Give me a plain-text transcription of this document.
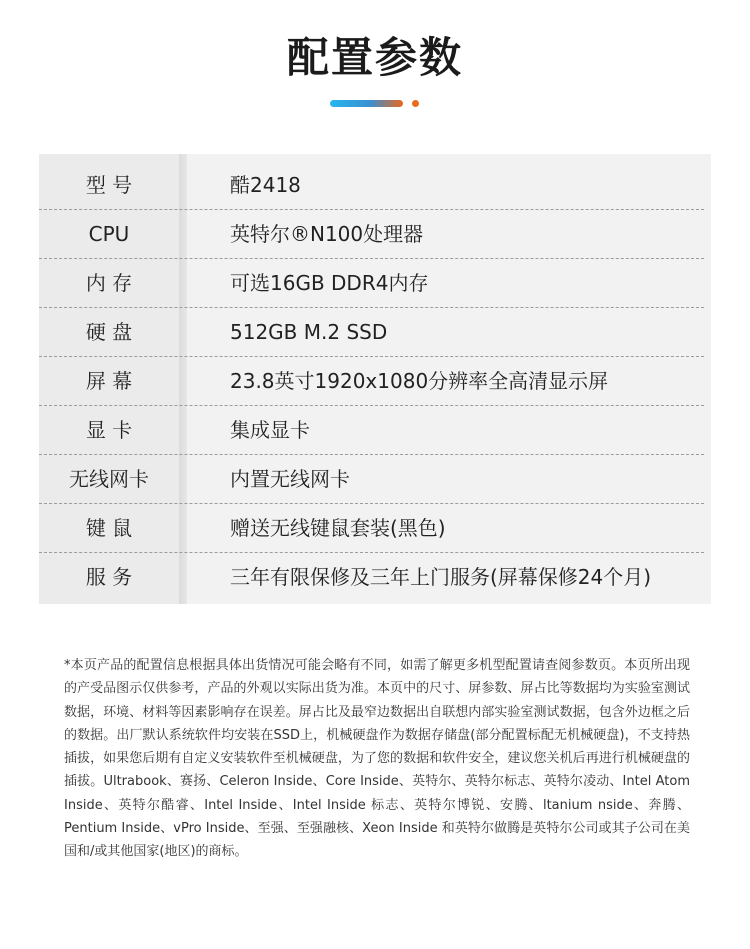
配置参数
型 号	酷2418
CPU	英特尔®N100处理器
内 存	可选16GB DDR4内存
硬 盘	512GB M.2 SSD
屏 幕	23.8英寸1920x1080分辨率全高清显示屏
显 卡	集成显卡
无线网卡	内置无线网卡
键 鼠	赠送无线键鼠套装(黑色)
服 务	三年有限保修及三年上门服务(屏幕保修24个月)

*本页产品的配置信息根据具体出货情况可能会略有不同，如需了解更多机型配置请查阅参数页。本页所出现的产受品图示仅供参考，产品的外观以实际出货为准。本页中的尺寸、屏参数、屏占比等数据均为实验室测试数据，环境、材料等因素影响存在误差。屏占比及最窄边数据出自联想内部实验室测试数据，包含外边框之后的数据。出厂默认系统软件均安装在SSD上，机械硬盘作为数据存储盘(部分配置标配无机械硬盘)，不支持热插拔，如果您后期有自定义安装软件至机械硬盘，为了您的数据和软件安全，建议您关机后再进行机械硬盘的插拔。Ultrabook、赛扬、Celeron Inside、Core Inside、英特尔、英特尔标志、英特尔凌动、Intel Atom Inside、英特尔酷睿、Intel Inside、Intel Inside 标志、英特尔博锐、安腾、ltanium nside、奔腾、Pentium Inside、vPro Inside、至强、至强融核、Xeon Inside 和英特尔做腾是英特尔公司或其子公司在美国和/或其他国家(地区)的商标。
